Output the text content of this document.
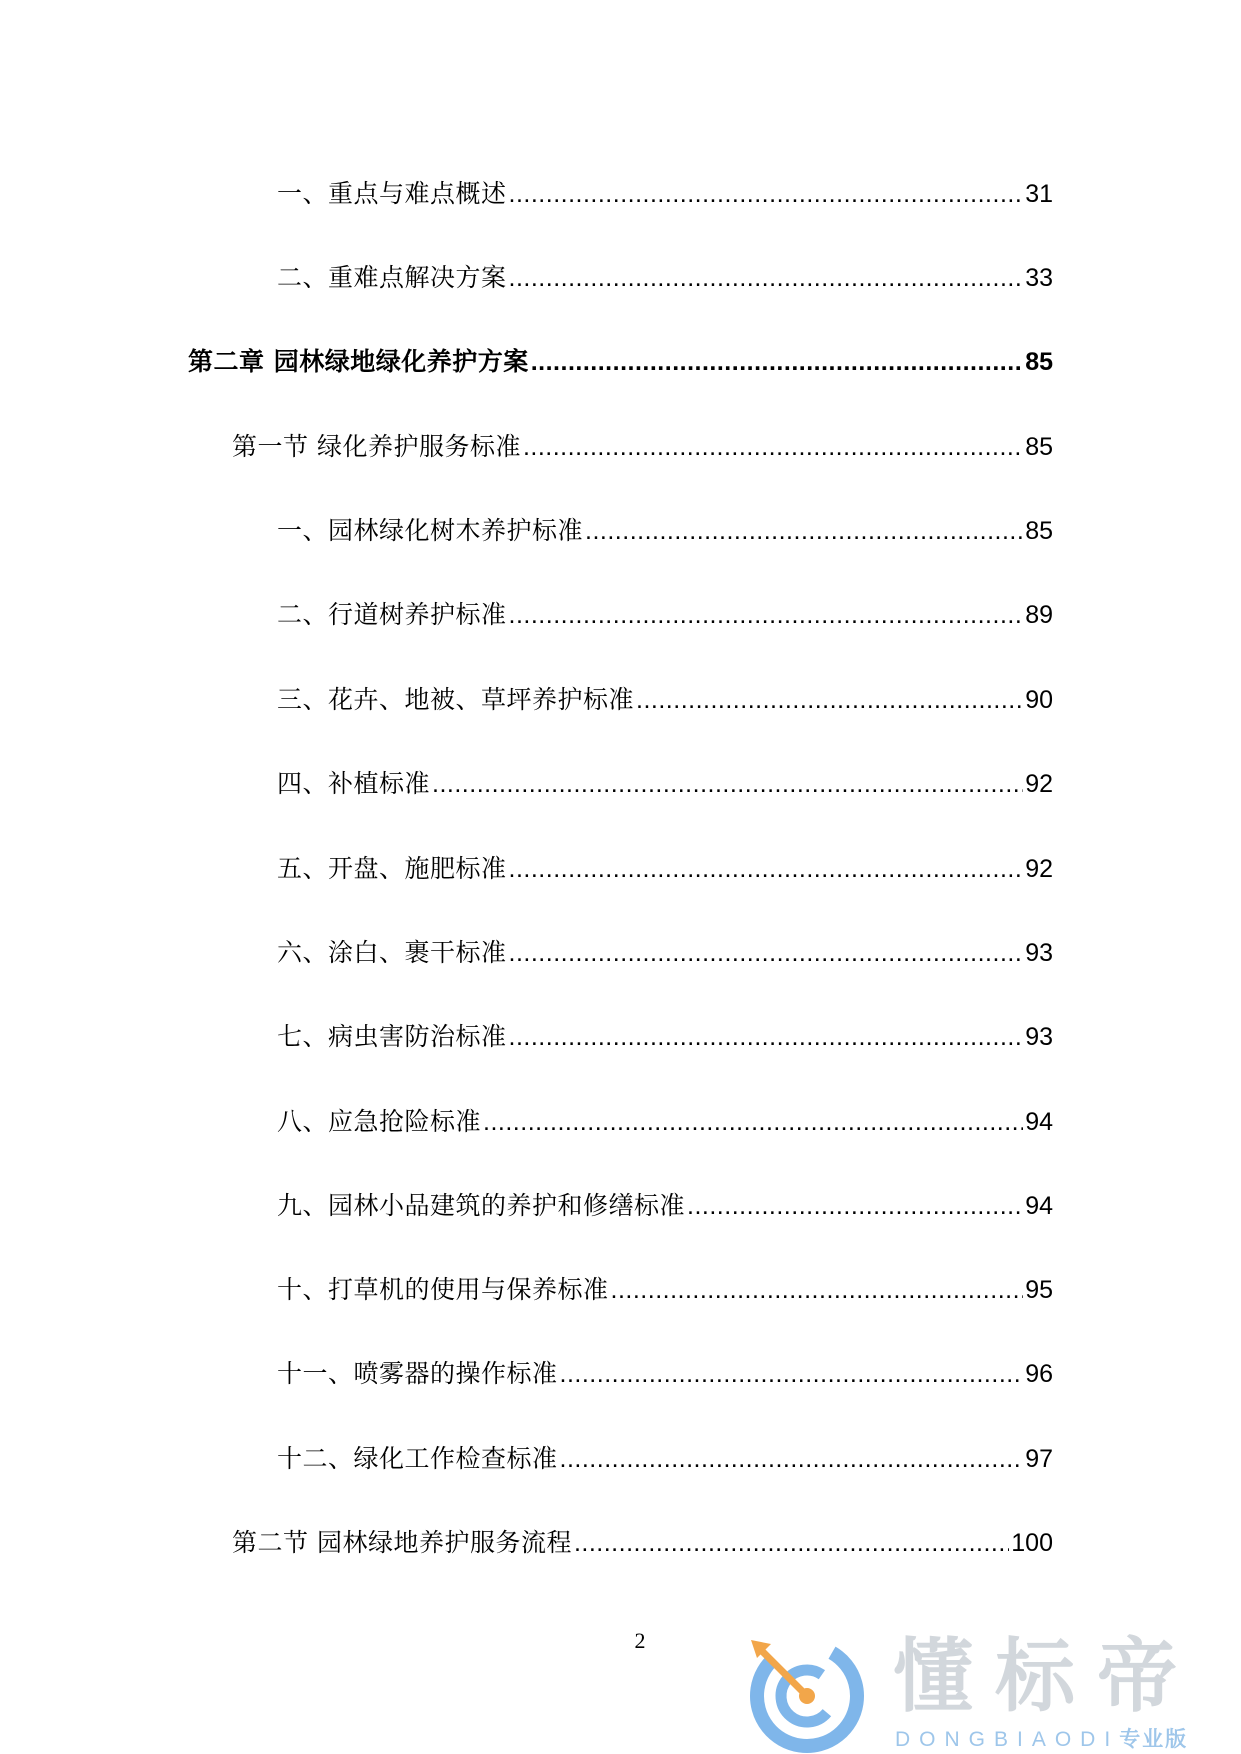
一、重点与难点概述 .....	31
二、重难点解决方案 .....	33
第二章 园林绿地绿化养护方案 .....	85
第一节 绿化养护服务标准 .....	85
一、园林绿化树木养护标准 .....	85
二、行道树养护标准 .....	89
三、花卉、地被、草坪养护标准 .....	90
四、补植标准 .....	92
五、开盘、施肥标准 .....	92
六、涂白、裹干标准 .....	93
七、病虫害防治标准 .....	93
八、应急抢险标准 .....	94
九、园林小品建筑的养护和修缮标准 .....	94
十、打草机的使用与保养标准 .....	95
十一、喷雾器的操作标准 .....	96
十二、绿化工作检查标准 .....	97
第二节 园林绿地养护服务流程 .....	100
2	懂标帝
DONGBIAODI专业版
